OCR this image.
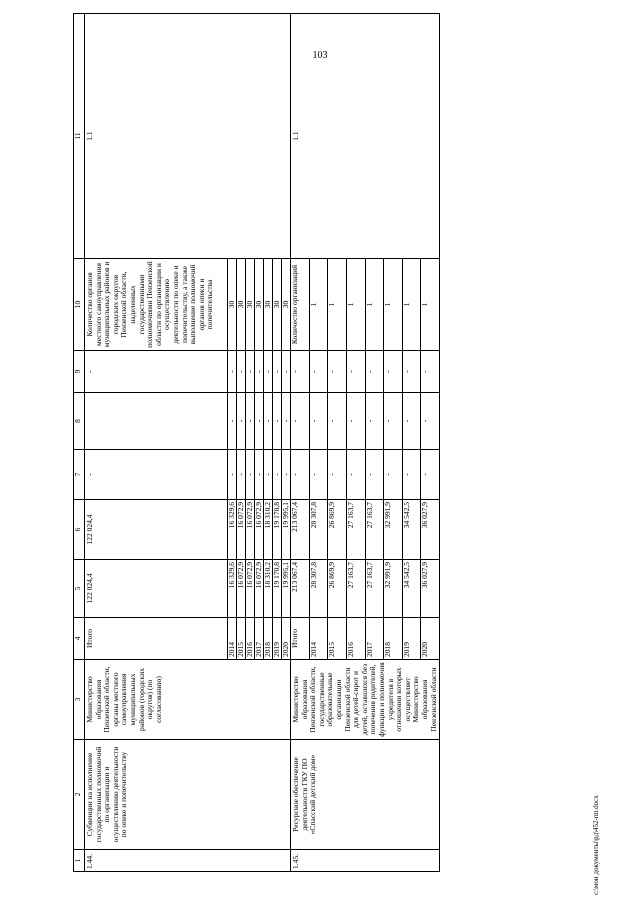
103
1	2	3	4	5	6	7	8	9	10	11
1.44.	Субвенции на исполнение государственных полномочий по организации и осуществлению деятельности по опеке и попечительству	Министерство образования Пензенской области, органы местного самоуправления муниципальных районов (городских округов) (по согласованию)	Итого	122 024,4	122 024,4	-		-	Количество органов местного самоуправления муниципальных районов и городских округов Пензенской области, наделенных государственными полномочиями Пензенской области по организации и осуществлению деятельности по опеке и попечительству, а также выполнение полномочий органов опеки и попечительства	1.1
			2014	16 329,6	16 329,6	-	-	-	30	
			2015	16 072,9	16 072,9	-	-	-	30	
			2016	16 072,9	16 072,9	-	-	-	30	
			2017	16 072,9	16 072,9	-	-	-	30	
			2018	18 310,2	18 310,2	-	-	-	30	
			2019	19 170,8	19 170,8	-	-	-	30	
			2020	19 995,1	19 995,1	-	-	-	30	
1.45.	Ресурсное обеспечение деятельности ГКУ ПО «Спасский детский дом»	Министерство образования Пензенской области, государственные образовательные организации Пензенской области для детей-сирот и детей, оставшихся без попечения родителей, функции и полномочия учредителя в отношении которых осуществляет Министерство образования Пензенской области	Итого	213 067,4	213 067,4	-	-	-	Количество организаций	1.1
			2014	28 307,8	28 307,8	-	-	-	1	
			2015	26 869,9	26 869,9	-	-	-	1	
			2016	27 163,7	27 163,7	-	-	-	1	
			2017	27 163,7	27 163,7	-	-	-	1	
			2018	32 991,9	32 991,9	-	-	-	1	
			2019	34 542,5	34 542,5	-	-	-	1	
			2020	36 027,9	36 027,9	-	-	-	1	
c:\мои документы\рд\452-пп.docx
